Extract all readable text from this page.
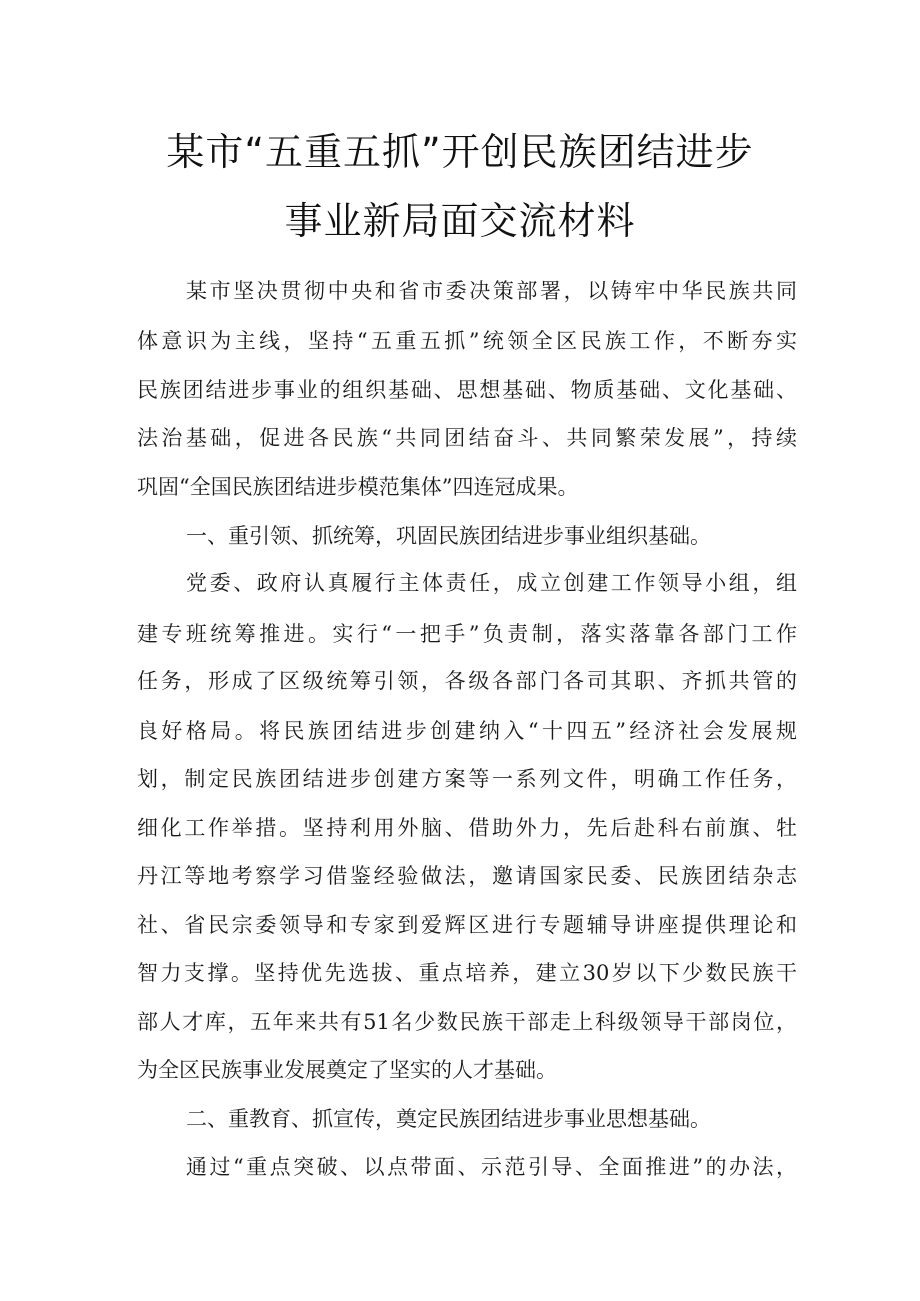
某市“五重五抓”开创民族团结进步
事业新局面交流材料

某市坚决贯彻中央和省市委决策部署，以铸牢中华民族共同

体意识为主线，坚持“五重五抓”统领全区民族工作，不断夯实

民族团结进步事业的组织基础、思想基础、物质基础、文化基础、

法治基础，促进各民族“共同团结奋斗、共同繁荣发展”，持续

巩固“全国民族团结进步模范集体”四连冠成果。

一、重引领、抓统筹，巩固民族团结进步事业组织基础。

党委、政府认真履行主体责任，成立创建工作领导小组，组

建专班统筹推进。实行“一把手”负责制，落实落靠各部门工作

任务，形成了区级统筹引领，各级各部门各司其职、齐抓共管的

良好格局。将民族团结进步创建纳入“十四五”经济社会发展规

划，制定民族团结进步创建方案等一系列文件，明确工作任务，

细化工作举措。坚持利用外脑、借助外力，先后赴科右前旗、牡

丹江等地考察学习借鉴经验做法，邀请国家民委、民族团结杂志

社、省民宗委领导和专家到爱辉区进行专题辅导讲座提供理论和

智力支撑。坚持优先选拔、重点培养，建立30岁以下少数民族干

部人才库，五年来共有51名少数民族干部走上科级领导干部岗位，

为全区民族事业发展奠定了坚实的人才基础。

二、重教育、抓宣传，奠定民族团结进步事业思想基础。

通过“重点突破、以点带面、示范引导、全面推进”的办法，
